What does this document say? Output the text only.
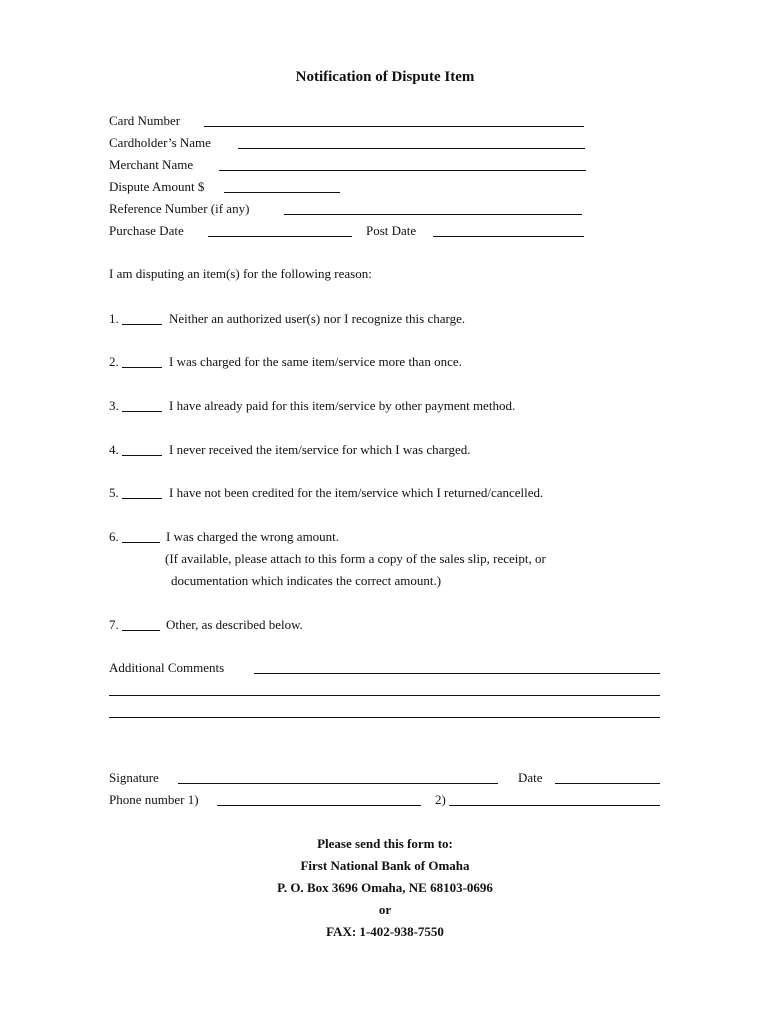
Notification of Dispute Item
Card Number
Cardholder’s Name
Merchant Name
Dispute Amount $
Reference Number (if any)
Purchase Date	Post Date
I am disputing an item(s) for the following reason:
1.	Neither an authorized user(s) nor I recognize this charge.
2.	I was charged for the same item/service more than once.
3.	I have already paid for this item/service by other payment method.
4.	I never received the item/service for which I was charged.
5.	I have not been credited for the item/service which I returned/cancelled.
6.	I was charged the wrong amount.
(If available, please attach to this form a copy of the sales slip, receipt, or
documentation which indicates the correct amount.)
7.	Other, as described below.
Additional Comments
Signature	Date
Phone number 1)	2)
Please send this form to:
First National Bank of Omaha
P. O. Box 3696 Omaha, NE 68103-0696
or
FAX: 1-402-938-7550
